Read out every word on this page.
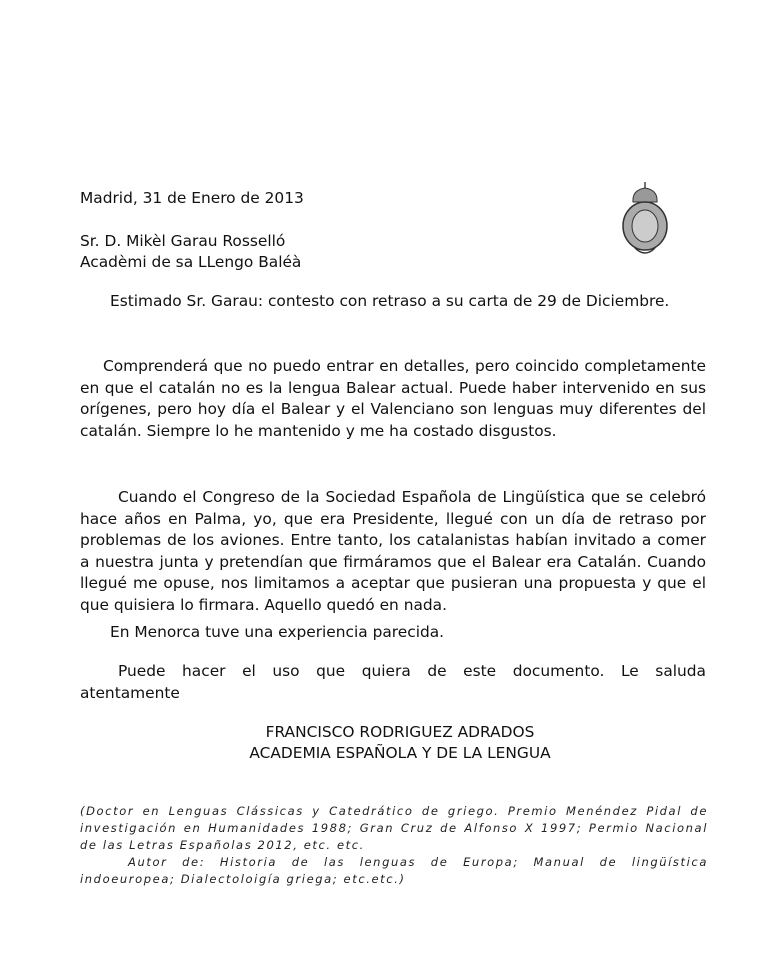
Madrid, 31 de Enero de 2013
Sr. D. Mikèl Garau Rosselló
Acadèmi de sa LLengo Baléà
Estimado Sr. Garau: contesto con retraso a su carta de 29 de Diciembre.
Comprenderá que no puedo entrar en detalles, pero coincido completamente en que el catalán no es la lengua Balear actual. Puede haber intervenido en sus orígenes, pero hoy día el Balear y el Valenciano son lenguas muy diferentes del catalán. Siempre lo he mantenido y me ha costado disgustos.
Cuando el Congreso de la Sociedad Española de Lingüística que se celebró hace años en Palma, yo, que era Presidente, llegué con un día de retraso por problemas de los aviones. Entre tanto, los catalanistas habían invitado a comer a nuestra junta y pretendían que firmáramos que el Balear era Catalán. Cuando llegué me opuse, nos limitamos a aceptar que pusieran una propuesta y que el que quisiera lo firmara. Aquello quedó en nada.
En Menorca tuve una experiencia parecida.
Puede hacer el uso que quiera de este documento. Le saluda atentamente
FRANCISCO RODRIGUEZ ADRADOS
ACADEMIA ESPAÑOLA Y DE LA LENGUA
(Doctor en Lenguas Clássicas y Catedrático de griego. Premio Menéndez Pidal de investigación en Humanidades 1988; Gran Cruz de Alfonso X 1997; Permio Nacional de las Letras Españolas 2012, etc. etc.
Autor de: Historia de las lenguas de Europa; Manual de lingüística indoeuropea; Dialectoloigía griega; etc.etc.)
